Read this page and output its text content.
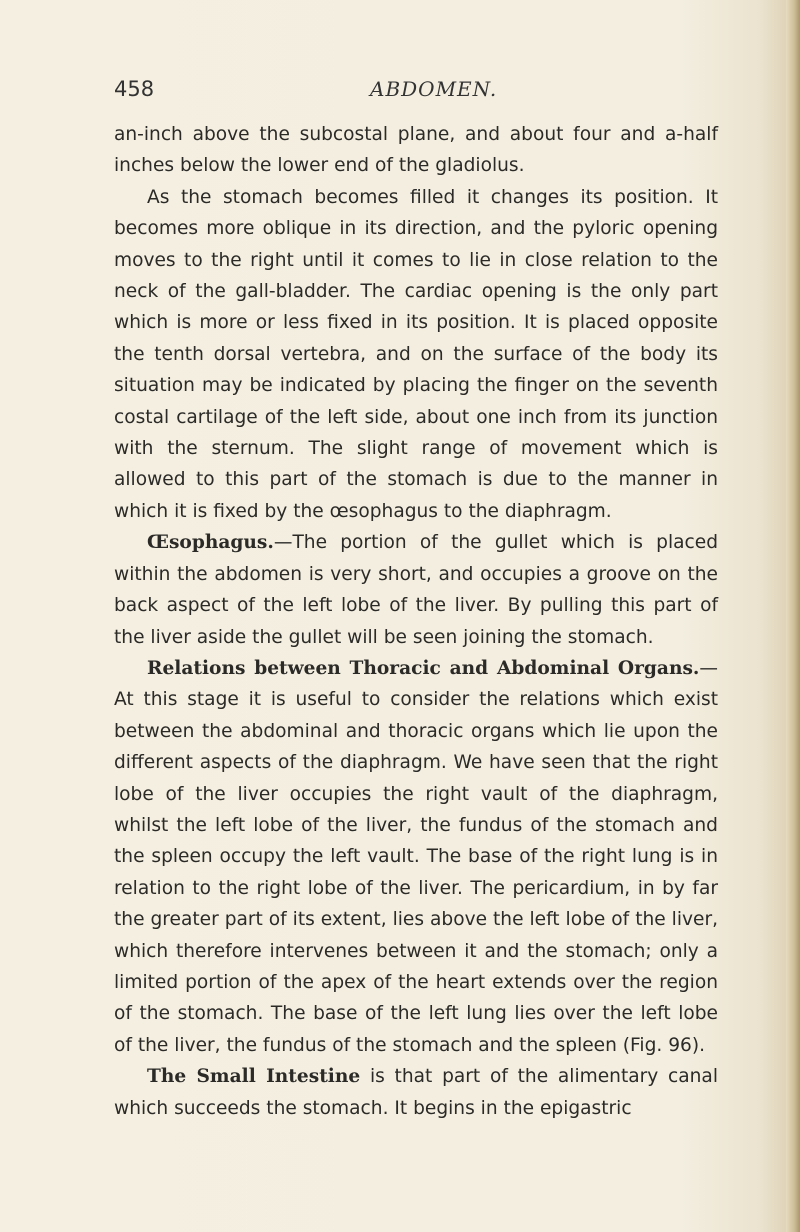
458	ABDOMEN.

an-inch above the subcostal plane, and about four and a-half inches below the lower end of the gladiolus.

As the stomach becomes filled it changes its position. It becomes more oblique in its direction, and the pyloric opening moves to the right until it comes to lie in close relation to the neck of the gall-bladder. The cardiac opening is the only part which is more or less fixed in its position. It is placed opposite the tenth dorsal vertebra, and on the surface of the body its situation may be indicated by placing the finger on the seventh costal cartilage of the left side, about one inch from its junction with the sternum. The slight range of movement which is allowed to this part of the stomach is due to the manner in which it is fixed by the œsophagus to the diaphragm.

Œsophagus.—The portion of the gullet which is placed within the abdomen is very short, and occupies a groove on the back aspect of the left lobe of the liver. By pulling this part of the liver aside the gullet will be seen joining the stomach.

Relations between Thoracic and Abdominal Organs.—At this stage it is useful to consider the relations which exist between the abdominal and thoracic organs which lie upon the different aspects of the diaphragm. We have seen that the right lobe of the liver occupies the right vault of the diaphragm, whilst the left lobe of the liver, the fundus of the stomach and the spleen occupy the left vault. The base of the right lung is in relation to the right lobe of the liver. The pericardium, in by far the greater part of its extent, lies above the left lobe of the liver, which therefore intervenes between it and the stomach; only a limited portion of the apex of the heart extends over the region of the stomach. The base of the left lung lies over the left lobe of the liver, the fundus of the stomach and the spleen (Fig. 96).

The Small Intestine is that part of the alimentary canal which succeeds the stomach. It begins in the epigastric
